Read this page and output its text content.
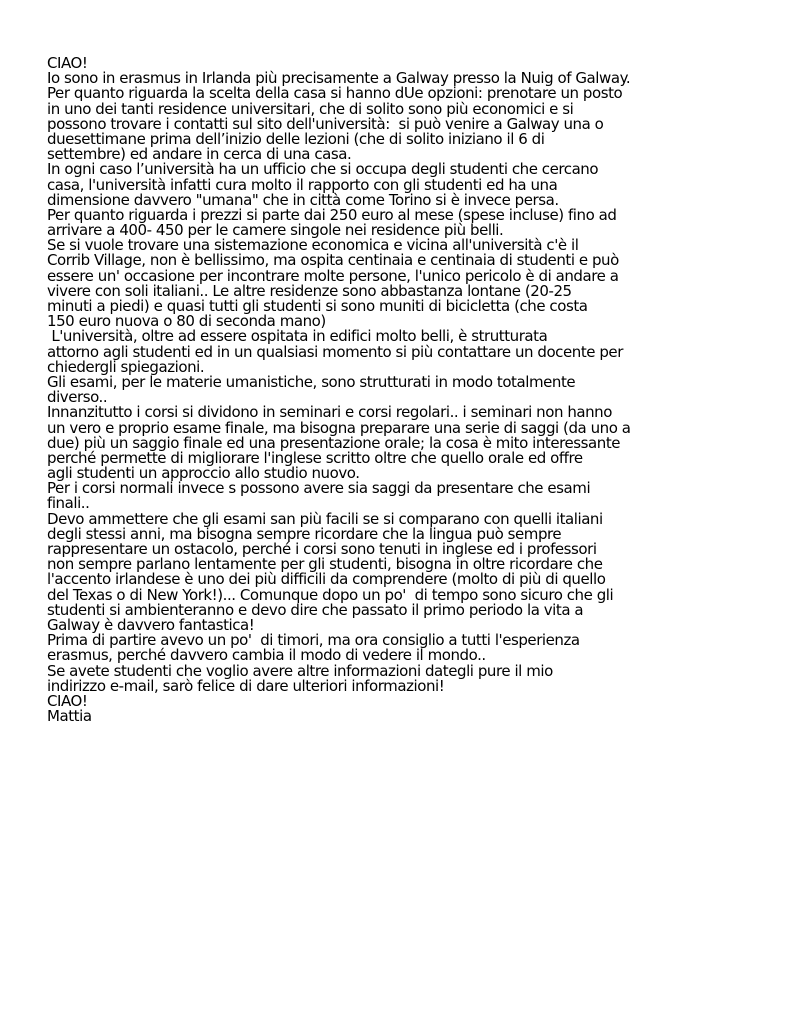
CIAO!
Io sono in erasmus in Irlanda più precisamente a Galway presso la Nuig of Galway.
Per quanto riguarda la scelta della casa si hanno dUe opzioni: prenotare un posto
in uno dei tanti residence universitari, che di solito sono più economici e si
possono trovare i contatti sul sito dell'università:  si può venire a Galway una o
duesettimane prima dell’inizio delle lezioni (che di solito iniziano il 6 di
settembre) ed andare in cerca di una casa.
In ogni caso l’università ha un ufficio che si occupa degli studenti che cercano
casa, l'università infatti cura molto il rapporto con gli studenti ed ha una
dimensione davvero "umana" che in città come Torino si è invece persa.
Per quanto riguarda i prezzi si parte dai 250 euro al mese (spese incluse) fino ad
arrivare a 400- 450 per le camere singole nei residence più belli.
Se si vuole trovare una sistemazione economica e vicina all'università c'è il
Corrib Village, non è bellissimo, ma ospita centinaia e centinaia di studenti e può
essere un' occasione per incontrare molte persone, l'unico pericolo è di andare a
vivere con soli italiani.. Le altre residenze sono abbastanza lontane (20-25
minuti a piedi) e quasi tutti gli studenti si sono muniti di bicicletta (che costa
150 euro nuova o 80 di seconda mano)
L'università, oltre ad essere ospitata in edifici molto belli, è strutturata
attorno agli studenti ed in un qualsiasi momento si più contattare un docente per
chiedergli spiegazioni.
Gli esami, per le materie umanistiche, sono strutturati in modo totalmente
diverso..
Innanzitutto i corsi si dividono in seminari e corsi regolari.. i seminari non hanno
un vero e proprio esame finale, ma bisogna preparare una serie di saggi (da uno a
due) più un saggio finale ed una presentazione orale; la cosa è mito interessante
perché permette di migliorare l'inglese scritto oltre che quello orale ed offre
agli studenti un approccio allo studio nuovo.
Per i corsi normali invece s possono avere sia saggi da presentare che esami
finali..
Devo ammettere che gli esami san più facili se si comparano con quelli italiani
degli stessi anni, ma bisogna sempre ricordare che la lingua può sempre
rappresentare un ostacolo, perché i corsi sono tenuti in inglese ed i professori
non sempre parlano lentamente per gli studenti, bisogna in oltre ricordare che
l'accento irlandese è uno dei più difficili da comprendere (molto di più di quello
del Texas o di New York!)... Comunque dopo un po'  di tempo sono sicuro che gli
studenti si ambienteranno e devo dire che passato il primo periodo la vita a
Galway è davvero fantastica!
Prima di partire avevo un po'  di timori, ma ora consiglio a tutti l'esperienza
erasmus, perché davvero cambia il modo di vedere il mondo..
Se avete studenti che voglio avere altre informazioni dategli pure il mio
indirizzo e-mail, sarò felice di dare ulteriori informazioni!
CIAO!
Mattia
